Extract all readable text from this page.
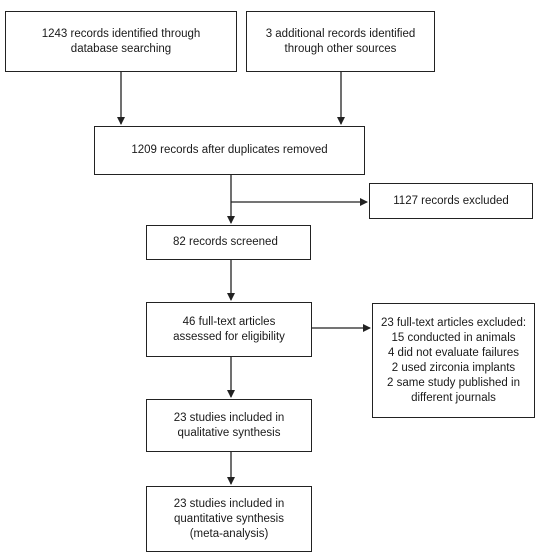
1243 records identified through
database searching
3 additional records identified
through other sources
1209 records after duplicates removed
1127 records excluded
82 records screened
46 full-text articles
assessed for eligibility
23 full-text articles excluded:
15 conducted in animals
4 did not evaluate failures
2 used zirconia implants
2 same study published in
different journals
23 studies included in
qualitative synthesis
23 studies included in
quantitative synthesis
(meta-analysis)
